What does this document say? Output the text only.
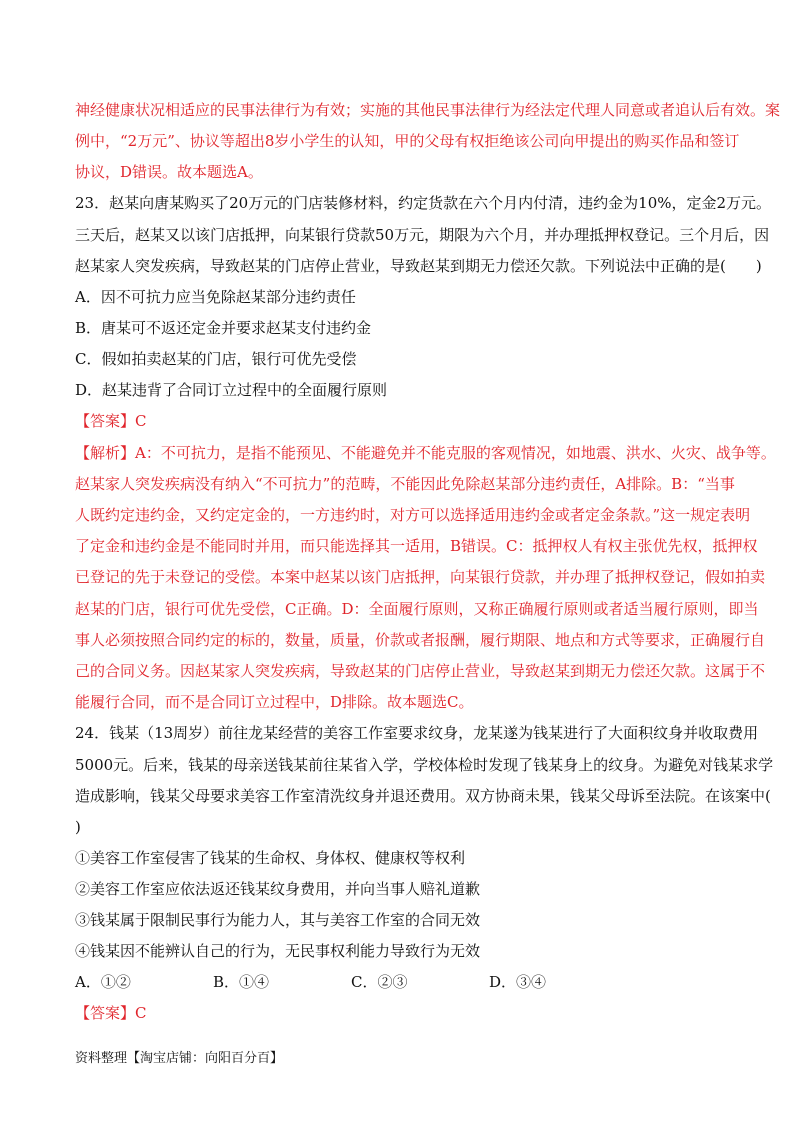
神经健康状况相适应的民事法律行为有效；实施的其他民事法律行为经法定代理人同意或者追认后有效。案
例中，“2万元”、协议等超出8岁小学生的认知，甲的父母有权拒绝该公司向甲提出的购买作品和签订
协议，D错误。故本题选A。
23．赵某向唐某购买了20万元的门店装修材料，约定货款在六个月内付清，违约金为10%，定金2万元。
三天后，赵某又以该门店抵押，向某银行贷款50万元，期限为六个月，并办理抵押权登记。三个月后，因
赵某家人突发疾病，导致赵某的门店停止营业，导致赵某到期无力偿还欠款。下列说法中正确的是(　　)
A．因不可抗力应当免除赵某部分违约责任
B．唐某可不返还定金并要求赵某支付违约金
C．假如拍卖赵某的门店，银行可优先受偿
D．赵某违背了合同订立过程中的全面履行原则
【答案】C
【解析】A：不可抗力，是指不能预见、不能避免并不能克服的客观情况，如地震、洪水、火灾、战争等。
赵某家人突发疾病没有纳入“不可抗力”的范畴，不能因此免除赵某部分违约责任，A排除。B：“当事
人既约定违约金，又约定定金的，一方违约时，对方可以选择适用违约金或者定金条款。”这一规定表明
了定金和违约金是不能同时并用，而只能选择其一适用，B错误。C：抵押权人有权主张优先权，抵押权
已登记的先于未登记的受偿。本案中赵某以该门店抵押，向某银行贷款，并办理了抵押权登记，假如拍卖
赵某的门店，银行可优先受偿，C正确。D：全面履行原则，又称正确履行原则或者适当履行原则，即当
事人必须按照合同约定的标的，数量，质量，价款或者报酬，履行期限、地点和方式等要求，正确履行自
己的合同义务。因赵某家人突发疾病，导致赵某的门店停止营业，导致赵某到期无力偿还欠款。这属于不
能履行合同，而不是合同订立过程中，D排除。故本题选C。
24．钱某（13周岁）前往龙某经营的美容工作室要求纹身，龙某遂为钱某进行了大面积纹身并收取费用
5000元。后来，钱某的母亲送钱某前往某省入学，学校体检时发现了钱某身上的纹身。为避免对钱某求学
造成影响，钱某父母要求美容工作室清洗纹身并退还费用。双方协商未果，钱某父母诉至法院。在该案中(
)
①美容工作室侵害了钱某的生命权、身体权、健康权等权利
②美容工作室应依法返还钱某纹身费用，并向当事人赔礼道歉
③钱某属于限制民事行为能力人，其与美容工作室的合同无效
④钱某因不能辨认自己的行为，无民事权利能力导致行为无效
A．①②	B．①④	C．②③	D．③④
【答案】C
资料整理【淘宝店铺：向阳百分百】
